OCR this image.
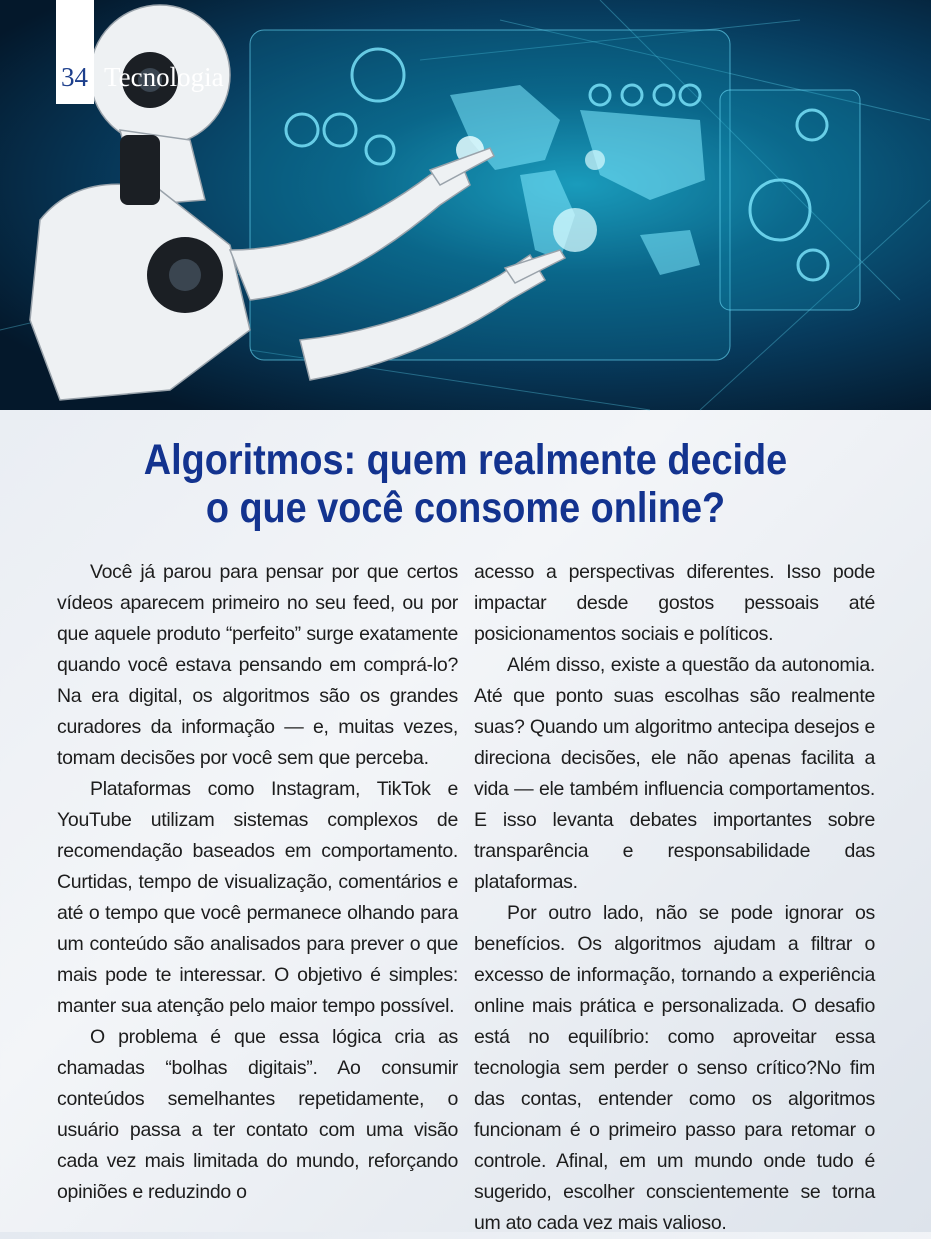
34 Tecnologia
Algoritmos: quem realmente decide
o que você consome online?

Você já parou para pensar por que certos vídeos aparecem primeiro no seu feed, ou por que aquele produto “perfeito” surge exatamente quando você estava pensando em comprá-lo? Na era digital, os algoritmos são os grandes curadores da informação — e, muitas vezes, tomam decisões por você sem que perceba.

Plataformas como Instagram, TikTok e YouTube utilizam sistemas complexos de recomendação baseados em comportamento. Curtidas, tempo de visualização, comentários e até o tempo que você permanece olhando para um conteúdo são analisados para prever o que mais pode te interessar. O objetivo é simples: manter sua atenção pelo maior tempo possível.

O problema é que essa lógica cria as chamadas “bolhas digitais”. Ao consumir conteúdos semelhantes repetidamente, o usuário passa a ter contato com uma visão cada vez mais limitada do mundo, reforçando opiniões e reduzindo o

acesso a perspectivas diferentes. Isso pode impactar desde gostos pessoais até posicionamentos sociais e políticos.

Além disso, existe a questão da autonomia. Até que ponto suas escolhas são realmente suas? Quando um algoritmo antecipa desejos e direciona decisões, ele não apenas facilita a vida — ele também influencia comportamentos. E isso levanta debates importantes sobre transparência e responsabilidade das plataformas.

Por outro lado, não se pode ignorar os benefícios. Os algoritmos ajudam a filtrar o excesso de informação, tornando a experiência online mais prática e personalizada. O desafio está no equilíbrio: como aproveitar essa tecnologia sem perder o senso crítico?No fim das contas, entender como os algoritmos funcionam é o primeiro passo para retomar o controle. Afinal, em um mundo onde tudo é sugerido, escolher conscientemente se torna um ato cada vez mais valioso.
